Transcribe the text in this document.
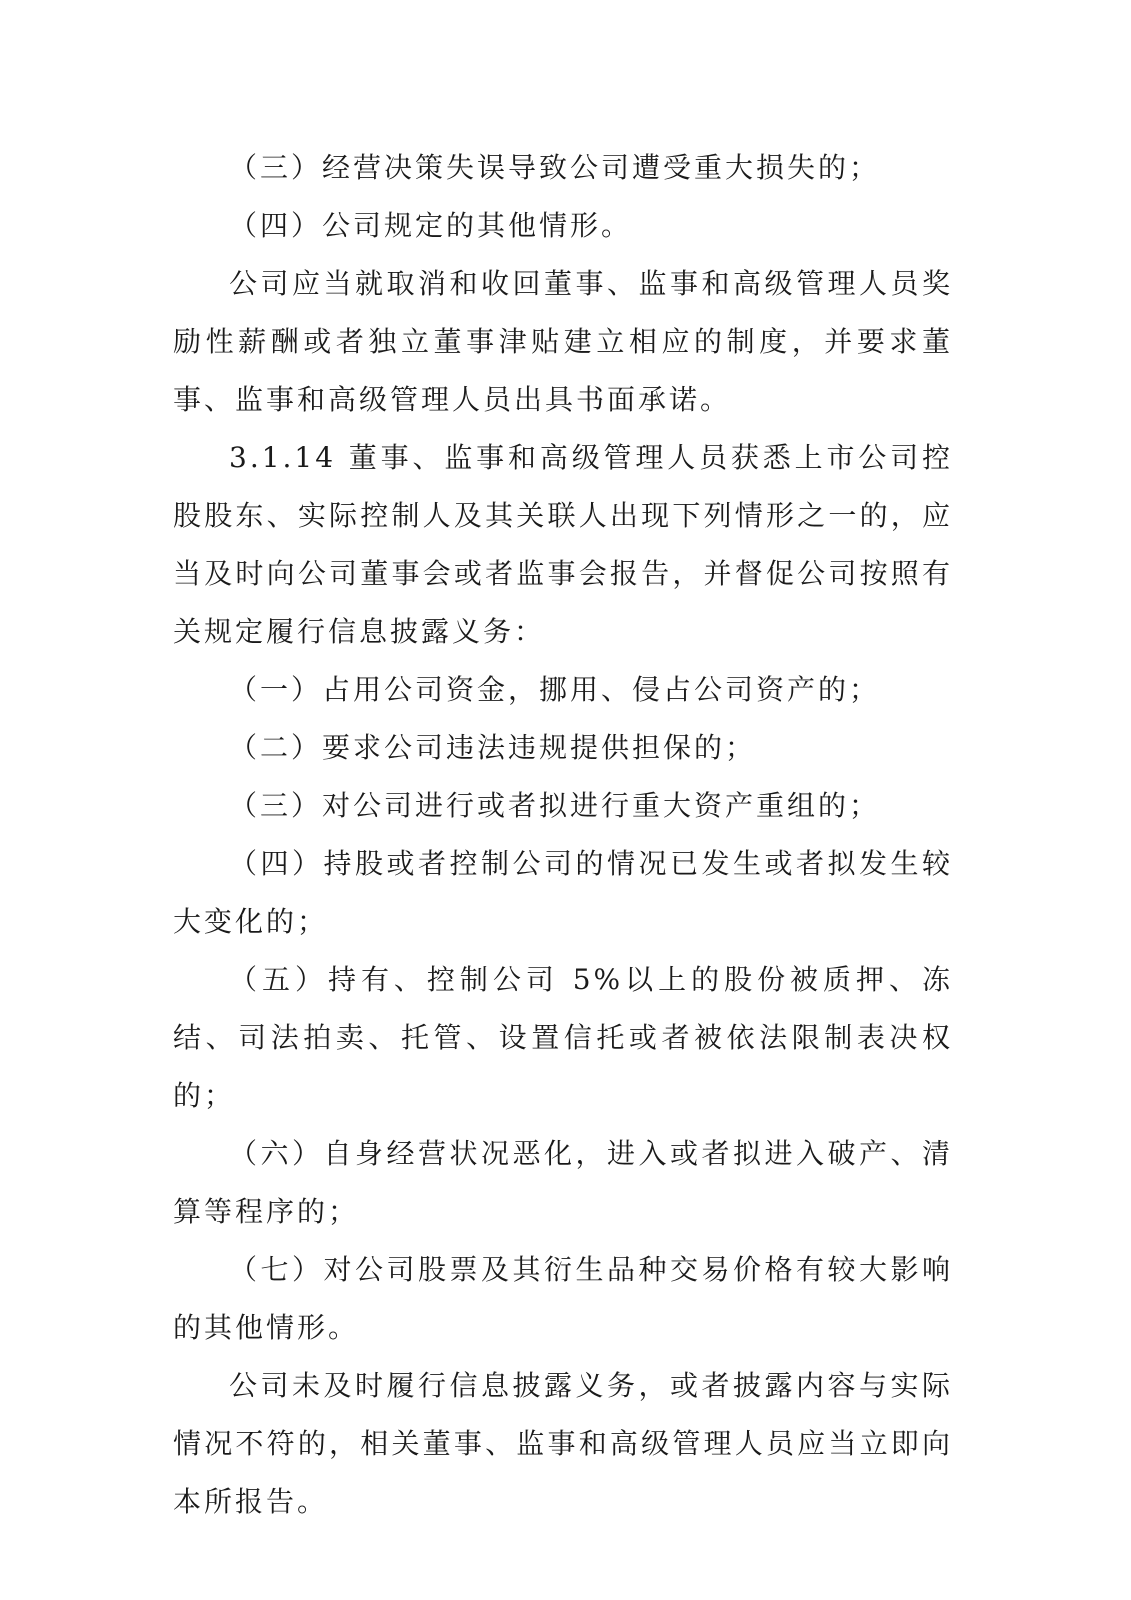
（三）经营决策失误导致公司遭受重大损失的；

（四）公司规定的其他情形。

公司应当就取消和收回董事、监事和高级管理人员奖励性薪酬或者独立董事津贴建立相应的制度，并要求董事、监事和高级管理人员出具书面承诺。

3.1.14 董事、监事和高级管理人员获悉上市公司控股股东、实际控制人及其关联人出现下列情形之一的，应当及时向公司董事会或者监事会报告，并督促公司按照有关规定履行信息披露义务：

（一）占用公司资金，挪用、侵占公司资产的；

（二）要求公司违法违规提供担保的；

（三）对公司进行或者拟进行重大资产重组的；

（四）持股或者控制公司的情况已发生或者拟发生较大变化的；

（五）持有、控制公司 5%以上的股份被质押、冻结、司法拍卖、托管、设置信托或者被依法限制表决权的；

（六）自身经营状况恶化，进入或者拟进入破产、清算等程序的；

（七）对公司股票及其衍生品种交易价格有较大影响的其他情形。

公司未及时履行信息披露义务，或者披露内容与实际情况不符的，相关董事、监事和高级管理人员应当立即向本所报告。
